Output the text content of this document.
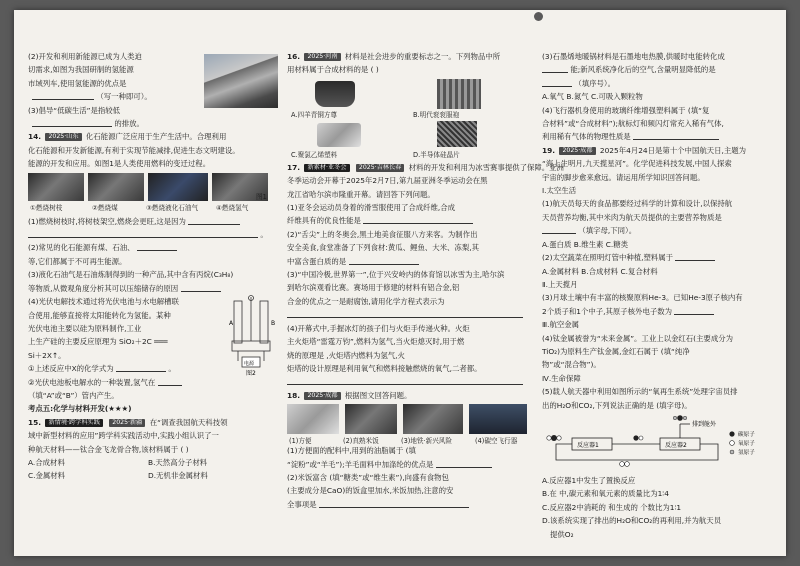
(2)开发和利用新能源已成为人类迫
切需求,如图为我国研制的氢能源
市域列车,使用氢能源的优点是
（写一种即可）。
(3)倡导“低碳生活”是指较低
的排放。
14. 2025·山东 化石能源广泛应用于生产生活中。合理利用
化石能源和开发新能源,有利于实现节能减排,促进生态文明建设。
能源的开发和应用。如图1是人类使用燃料的变迁过程。
①燃烧树枝	②燃烧煤	③燃烧液化石油气	④燃烧氢气
图1
(1)燃烧树枝时,将树枝架空,燃烧会更旺,这是因为
。
(2)常见的化石能源有煤、石油、
等,它们都属于不可再生能源。
(3)液化石油气是石油炼制得到的一种产品,其中含有丙烷(C₃H₈)
等物质,从微观角度分析其可以压缩储存的原因
(4)光伏电解技术通过将光伏电池与水电解槽联
合使用,能够直接将太阳能转化为氢能。某种
光伏电池主要以硅为原料制作,工业
上生产硅的主要反应原理为 SiO₂＋2C ═══
Si＋2X↑。
①上述反应中X的化学式为	。
②光伏电池板电解水的一种装置,氢气在
（填“A”或“B”）管内产生。
A	B
电源
图2
考点五:化学与材料开发(★★★)
15. 新情境·跨学科实践 2025·新疆 在“调查我国航天科技领
域中新型材料的应用”跨学科实践活动中,实践小组认识了一
种航天材料——钛合金飞龙骨合物,该材料属于 ( )
A.合成材料	B.天然高分子材料
C.金属材料	D.无机非金属材料
16. 2025·河南 材料是社会进步的重要标志之一。下列物品中所
用材料属于合成材料的是 ( )
A.四羊青铜方尊	B.明代衮衮服袍
C.聚氯乙烯塑料	D.半导体硅晶片
17. 新素材·亚冬会 2025·吉林长春 材料的开发和利用为冰雪赛事提供了保障。亚洲
冬季运动会开幕于2025年2月7日,第九届亚洲冬季运动会在黑
龙江省哈尔滨市隆重开幕。请回答下列问题。
(1)亚冬会运动员身着的滑雪服使用了合成纤维,合成
纤维具有的优良性能是
(2)“舌尖”上的冬奥会,黑土地美食征服八方来客。为制作出
安全美食,食堂准备了下列食材:黄瓜、鲤鱼、大米、冻梨,其
中富含蛋白质的是
(3)“中国冷极,世界第一”,位于兴安岭内的体育馆以冰雪为主,哈尔滨
到哈尔滨观看比赛。赛场用于修建的材料有铝合金,铝
合金的优点之一是耐腐蚀,请用化学方程式表示为
(4)开幕式中,手握冰灯的孩子们与火炬手传递火种。火炬
主火炬塔“雷霆万钧”,燃料为氢气,当火炬熄灭时,用于燃
烧的原理是 ,火炬塔内燃料为氢气,火
炬塔的设计原理是利用氧气和燃料接触燃烧的氧气,二者都。
18. 2025·成都 根据图文回答问题。
(1)方便	(2)真熟米饭	(3)地铁·新兴风险	(4)碳空飞行器
(1)方便面的配料中,用到的油脂属于 (填
“淀粉”或“羊毛”);羊毛面料中加涤纶的优点是
(2)米饭富含 (填“糖类”或“维生素”),向盛有食物包
(主要成分是CaO)的饭盒里加水,米饭加热,注意的安
全事项是
(3)石墨烯地暖锅材料是石墨地电热膜,供暖时电能转化成
能;新风系统净化后的空气,含量明显降低的是
（填序号）。
A.氧气 B.氮气 C.可吸入颗粒物
(4)飞行器机身使用的玻璃纤维增强塑料属于 (填“复
合材料”或“合成材料”);航标灯和频闪灯常充入稀有气体,
利用稀有气体的物理性质是
19. 2025·成都 2025年4月24日是第十个中国航天日,主题为
“海上生明月,九天揽星河”。化学促进科技发展,中国人探索
宇宙的脚步愈来愈远。请运用所学知识回答问题。
Ⅰ.太空生活
(1)航天员每天的食品都要经过科学的计算和设计,以保持航
天员营养均衡,其中米肉为航天员提供的主要营养物质是
（填字母,下同）。
A.蛋白质 B.维生素 C.糖类
(2)太空蔬菜在照明灯管中种植,塑料属于
A.金属材料 B.合成材料 C.复合材料
Ⅱ.上天揽月
(3)月球土壤中有丰富的核聚原料He-3。已知He-3原子核内有
2个质子和1个中子,其原子核外电子数为
Ⅲ.航空金属
(4)钛金属被誉为“未来金属”。工业上以金红石(主要成分为
TiO₂)为原料生产钛金属,金红石属于 (填“纯净
物”或“混合物”)。
Ⅳ.生命保障
(5)载人航天器中利用如图所示的“氧再生系统”处理字宙员排
出的H₂O和CO₂,下列说法正确的是 (填字母)。
反应器1	反应器2
排到舱外
碳原子
氧原子
氢原子
A.反应器1中发生了置换反应
B.在 中,碳元素和氧元素的质量比为1∶4
C.反应器2中消耗的 和生成的 个数比为1∶1
D.该系统实现了排出的H₂O和CO₂的再利用,并为航天员
提供O₂
